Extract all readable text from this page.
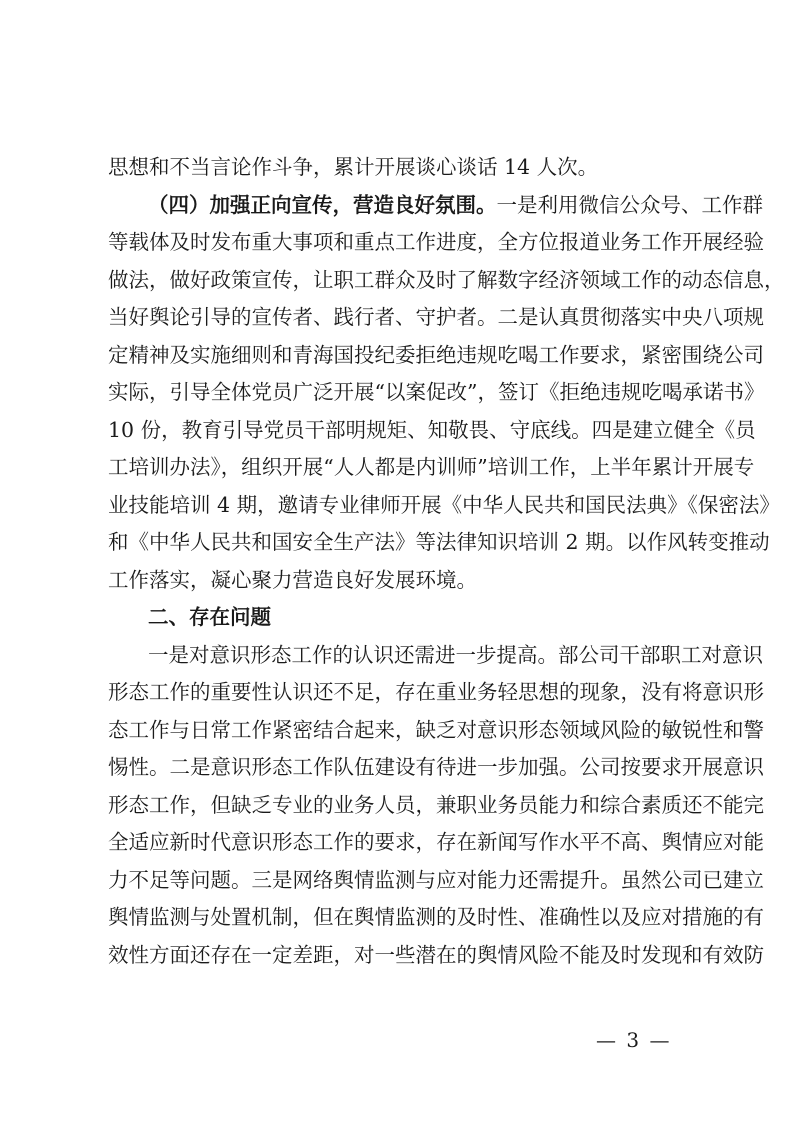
思想和不当言论作斗争，累计开展谈心谈话 14 人次。
（四）加强正向宣传，营造良好氛围。一是利用微信公众号、工作群
等载体及时发布重大事项和重点工作进度，全方位报道业务工作开展经验
做法，做好政策宣传，让职工群众及时了解数字经济领域工作的动态信息，
当好舆论引导的宣传者、践行者、守护者。二是认真贯彻落实中央八项规
定精神及实施细则和青海国投纪委拒绝违规吃喝工作要求，紧密围绕公司
实际，引导全体党员广泛开展“以案促改”，签订《拒绝违规吃喝承诺书》
10 份，教育引导党员干部明规矩、知敬畏、守底线。四是建立健全《员
工培训办法》，组织开展“人人都是内训师”培训工作，上半年累计开展专
业技能培训 4 期，邀请专业律师开展《中华人民共和国民法典》《保密法》
和《中华人民共和国安全生产法》等法律知识培训 2 期。以作风转变推动
工作落实，凝心聚力营造良好发展环境。
二、存在问题
一是对意识形态工作的认识还需进一步提高。部公司干部职工对意识
形态工作的重要性认识还不足，存在重业务轻思想的现象，没有将意识形
态工作与日常工作紧密结合起来，缺乏对意识形态领域风险的敏锐性和警
惕性。二是意识形态工作队伍建设有待进一步加强。公司按要求开展意识
形态工作，但缺乏专业的业务人员，兼职业务员能力和综合素质还不能完
全适应新时代意识形态工作的要求，存在新闻写作水平不高、舆情应对能
力不足等问题。三是网络舆情监测与应对能力还需提升。虽然公司已建立
舆情监测与处置机制，但在舆情监测的及时性、准确性以及应对措施的有
效性方面还存在一定差距，对一些潜在的舆情风险不能及时发现和有效防
— 3 —
